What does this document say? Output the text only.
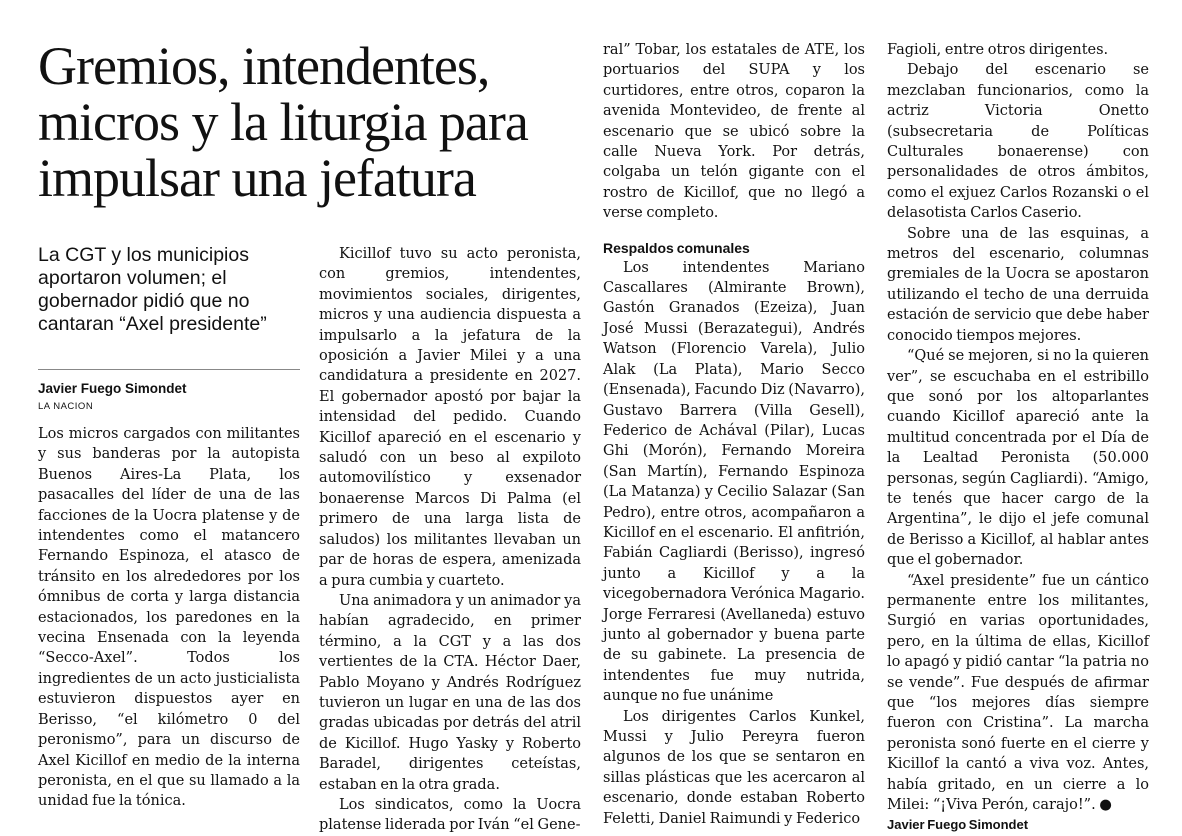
Gremios, intendentes, micros y la liturgia para impulsar una jefatura
La CGT y los municipios aportaron volumen; el gobernador pidió que no cantaran “Axel presidente”
Javier Fuego Simondet
LA NACION

Los micros cargados con militantes y sus banderas por la autopista Buenos Aires-La Plata, los pasacalles del líder de una de las facciones de la Uocra platense y de intendentes como el matancero Fernando Espinoza, el atasco de tránsito en los alrededores por los ómnibus de corta y larga distancia estacionados, los paredones en la vecina Ensenada con la leyenda “Secco-Axel”. Todos los ingredientes de un acto justicialista estuvieron dispuestos ayer en Berisso, “el kilómetro 0 del peronismo”, para un discurso de Axel Kicillof en medio de la interna peronista, en el que su llamado a la unidad fue la tónica.

Kicillof tuvo su acto peronista, con gremios, intendentes, movimientos sociales, dirigentes, micros y una audiencia dispuesta a impulsarlo a la jefatura de la oposición a Javier Milei y a una candidatura a presidente en 2027. El gobernador apostó por bajar la intensidad del pedido. Cuando Kicillof apareció en el escenario y saludó con un beso al expiloto automovilístico y exsenador bonaerense Marcos Di Palma (el primero de una larga lista de saludos) los militantes llevaban un par de horas de espera, amenizada a pura cumbia y cuarteto.

Una animadora y un animador ya habían agradecido, en primer término, a la CGT y a las dos vertientes de la CTA. Héctor Daer, Pablo Moyano y Andrés Rodríguez tuvieron un lugar en una de las dos gradas ubicadas por detrás del atril de Kicillof. Hugo Yasky y Roberto Baradel, dirigentes ceteístas, estaban en la otra grada.

Los sindicatos, como la Uocra platense liderada por Iván “el Gene-

ral” Tobar, los estatales de ATE, los portuarios del SUPA y los curtidores, entre otros, coparon la avenida Montevideo, de frente al escenario que se ubicó sobre la calle Nueva York. Por detrás, colgaba un telón gigante con el rostro de Kicillof, que no llegó a verse completo.

Respaldos comunales

Los intendentes Mariano Cascallares (Almirante Brown), Gastón Granados (Ezeiza), Juan José Mussi (Berazategui), Andrés Watson (Florencio Varela), Julio Alak (La Plata), Mario Secco (Ensenada), Facundo Diz (Navarro), Gustavo Barrera (Villa Gesell), Federico de Achával (Pilar), Lucas Ghi (Morón), Fernando Moreira (San Martín), Fernando Espinoza (La Matanza) y Cecilio Salazar (San Pedro), entre otros, acompañaron a Kicillof en el escenario. El anfitrión, Fabián Cagliardi (Berisso), ingresó junto a Kicillof y a la vicegobernadora Verónica Magario. Jorge Ferraresi (Avellaneda) estuvo junto al gobernador y buena parte de su gabinete. La presencia de intendentes fue muy nutrida, aunque no fue unánime

Los dirigentes Carlos Kunkel, Mussi y Julio Pereyra fueron algunos de los que se sentaron en sillas plásticas que les acercaron al escenario, donde estaban Roberto Feletti, Daniel Raimundi y Federico

Fagioli, entre otros dirigentes.

Debajo del escenario se mezclaban funcionarios, como la actriz Victoria Onetto (subsecretaria de Políticas Culturales bonaerense) con personalidades de otros ámbitos, como el exjuez Carlos Rozanski o el delasotista Carlos Caserio.

Sobre una de las esquinas, a metros del escenario, columnas gremiales de la Uocra se apostaron utilizando el techo de una derruida estación de servicio que debe haber conocido tiempos mejores.

“Qué se mejoren, si no la quieren ver”, se escuchaba en el estribillo que sonó por los altoparlantes cuando Kicillof apareció ante la multitud concentrada por el Día de la Lealtad Peronista (50.000 personas, según Cagliardi). “Amigo, te tenés que hacer cargo de la Argentina”, le dijo el jefe comunal de Berisso a Kicillof, al hablar antes que el gobernador.

“Axel presidente” fue un cántico permanente entre los militantes, Surgió en varias oportunidades, pero, en la última de ellas, Kicillof lo apagó y pidió cantar “la patria no se vende”. Fue después de afirmar que “los mejores días siempre fueron con Cristina”. La marcha peronista sonó fuerte en el cierre y Kicillof la cantó a viva voz. Antes, había gritado, en un cierre a lo Milei: “¡Viva Perón, carajo!”. ●

Javier Fuego Simondet
